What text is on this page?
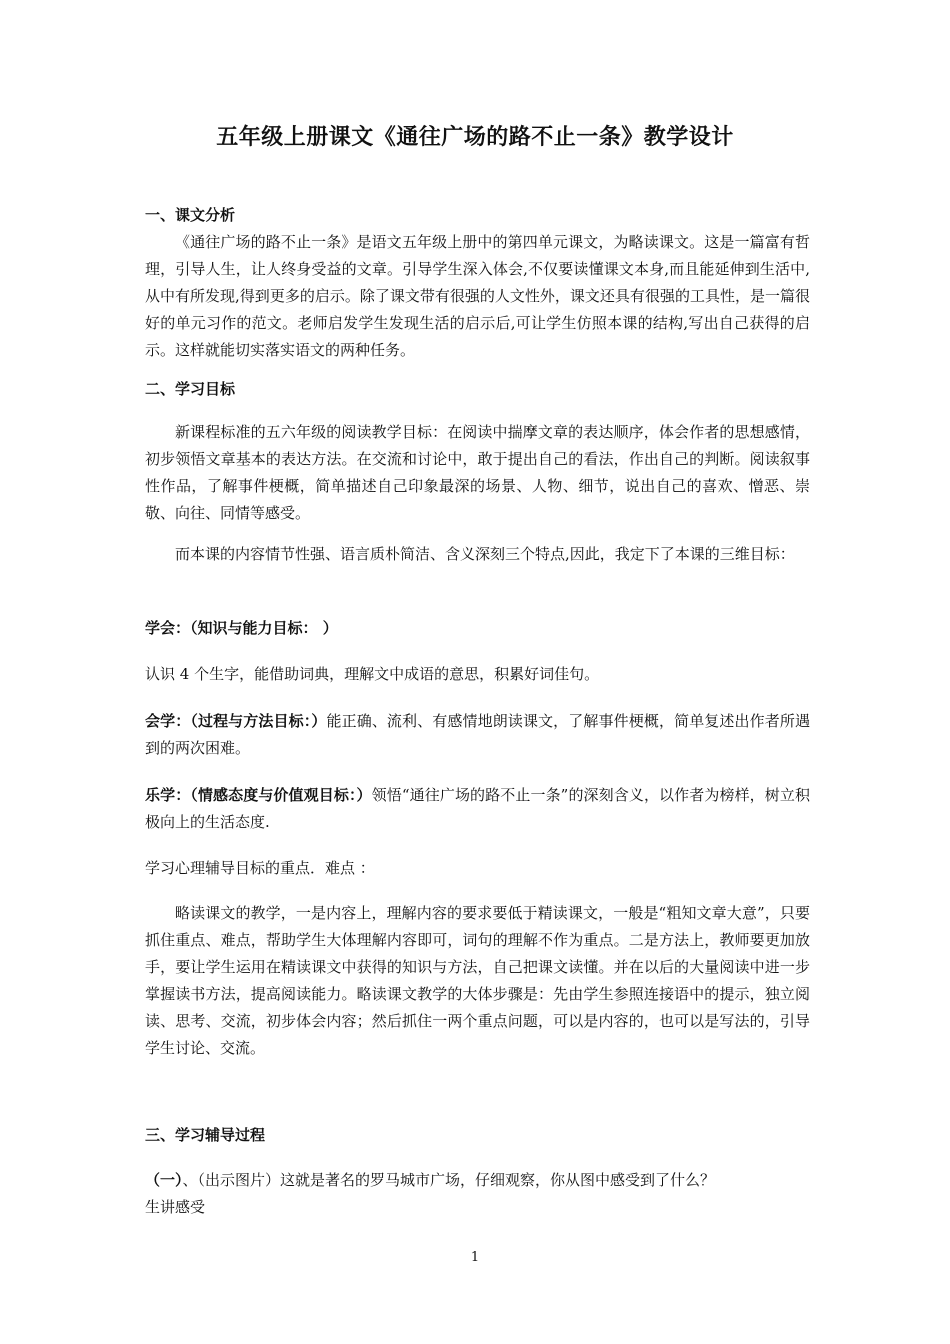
五年级上册课文《通往广场的路不止一条》教学设计
一、课文分析
《通往广场的路不止一条》是语文五年级上册中的第四单元课文，为略读课文。这是一篇富有哲理，引导人生，让人终身受益的文章。引导学生深入体会,不仅要读懂课文本身,而且能延伸到生活中,从中有所发现,得到更多的启示。除了课文带有很强的人文性外，课文还具有很强的工具性，是一篇很好的单元习作的范文。老师启发学生发现生活的启示后,可让学生仿照本课的结构,写出自己获得的启示。这样就能切实落实语文的两种任务。
二、学习目标
新课程标准的五六年级的阅读教学目标：在阅读中揣摩文章的表达顺序，体会作者的思想感情，初步领悟文章基本的表达方法。在交流和讨论中，敢于提出自己的看法，作出自己的判断。阅读叙事性作品，了解事件梗概，简单描述自己印象最深的场景、人物、细节，说出自己的喜欢、憎恶、崇敬、向往、同情等感受。
而本课的内容情节性强、语言质朴简洁、含义深刻三个特点,因此，我定下了本课的三维目标：
学会：（知识与能力目标： ）
认识 4 个生字，能借助词典，理解文中成语的意思，积累好词佳句。
会学：（过程与方法目标：）能正确、流利、有感情地朗读课文，了解事件梗概，简单复述出作者所遇到的两次困难。
乐学：（情感态度与价值观目标：）领悟“通往广场的路不止一条”的深刻含义，以作者为榜样，树立积极向上的生活态度.
学习心理辅导目标的重点．难点 ：
略读课文的教学，一是内容上，理解内容的要求要低于精读课文，一般是“粗知文章大意”，只要抓住重点、难点，帮助学生大体理解内容即可，词句的理解不作为重点。二是方法上，教师要更加放手，要让学生运用在精读课文中获得的知识与方法，自己把课文读懂。并在以后的大量阅读中进一步掌握读书方法，提高阅读能力。略读课文教学的大体步骤是：先由学生参照连接语中的提示，独立阅读、思考、交流，初步体会内容；然后抓住一两个重点问题，可以是内容的，也可以是写法的，引导学生讨论、交流。
三、学习辅导过程
（一）、（出示图片）这就是著名的罗马城市广场，仔细观察，你从图中感受到了什么？
生讲感受
1
